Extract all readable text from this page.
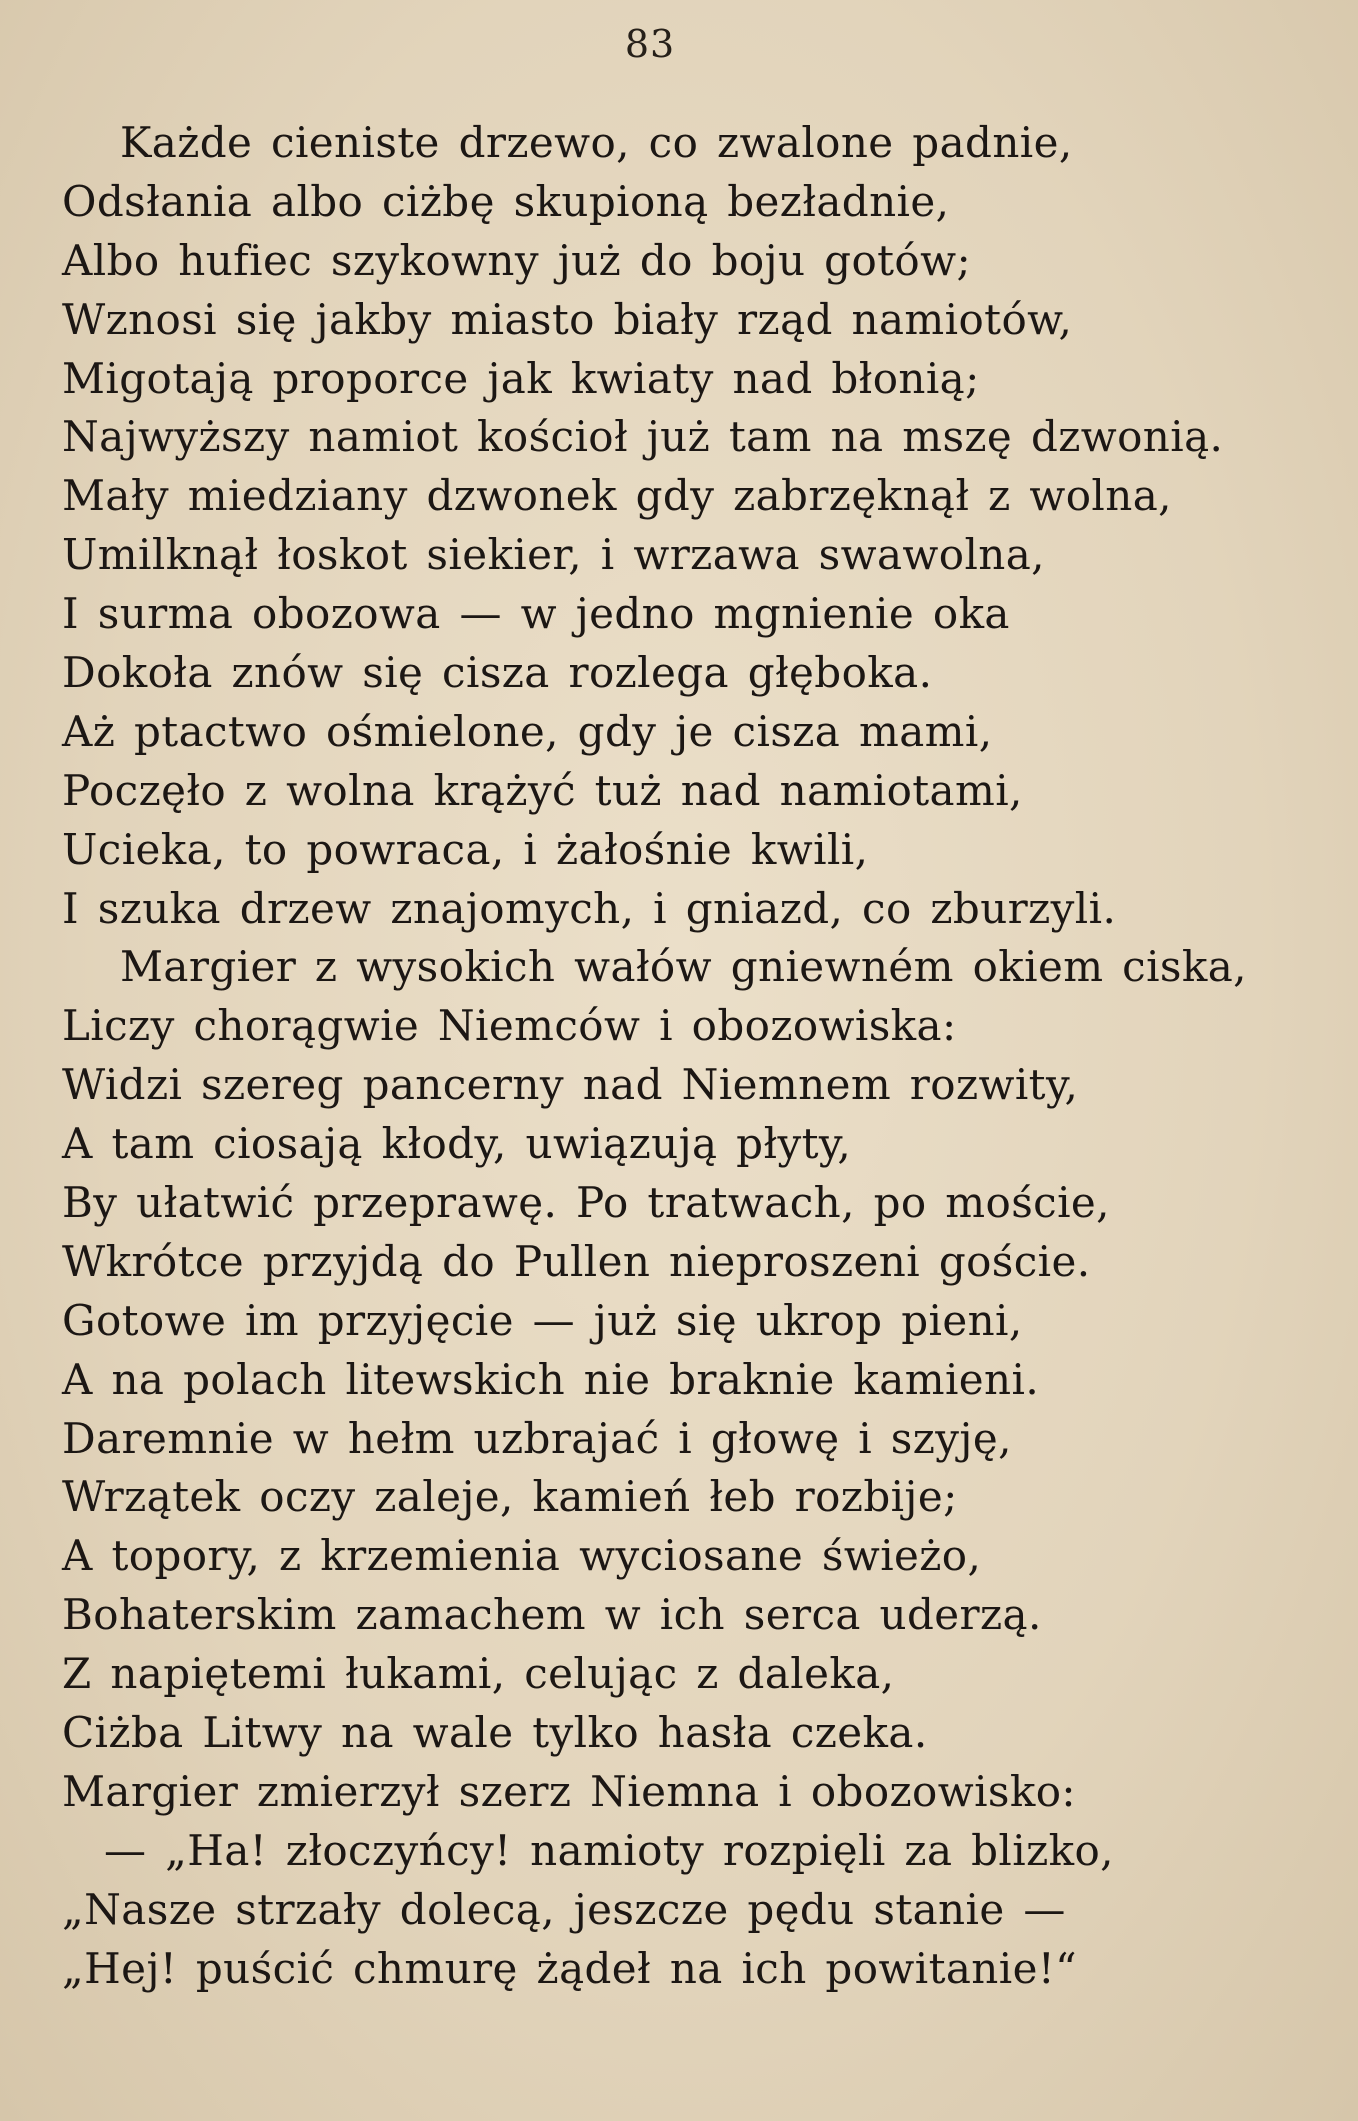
83
Każde cieniste drzewo, co zwalone padnie,
Odsłania albo ciżbę skupioną bezładnie,
Albo hufiec szykowny już do boju gotów;
Wznosi się jakby miasto biały rząd namiotów,
Migotają proporce jak kwiaty nad błonią;
Najwyższy namiot kościoł już tam na mszę dzwonią.
Mały miedziany dzwonek gdy zabrzęknął z wolna,
Umilknął łoskot siekier, i wrzawa swawolna,
I surma obozowa — w jedno mgnienie oka
Dokoła znów się cisza rozlega głęboka.
Aż ptactwo ośmielone, gdy je cisza mami,
Poczęło z wolna krążyć tuż nad namiotami,
Ucieka, to powraca, i żałośnie kwili,
I szuka drzew znajomych, i gniazd, co zburzyli.
Margier z wysokich wałów gniewném okiem ciska,
Liczy chorągwie Niemców i obozowiska:
Widzi szereg pancerny nad Niemnem rozwity,
A tam ciosają kłody, uwiązują płyty,
By ułatwić przeprawę. Po tratwach, po moście,
Wkrótce przyjdą do Pullen nieproszeni goście.
Gotowe im przyjęcie — już się ukrop pieni,
A na polach litewskich nie braknie kamieni.
Daremnie w hełm uzbrajać i głowę i szyję,
Wrzątek oczy zaleje, kamień łeb rozbije;
A topory, z krzemienia wyciosane świeżo,
Bohaterskim zamachem w ich serca uderzą.
Z napiętemi łukami, celując z daleka,
Ciżba Litwy na wale tylko hasła czeka.
Margier zmierzył szerz Niemna i obozowisko:
— „Ha! złoczyńcy! namioty rozpięli za blizko,
„Nasze strzały dolecą, jeszcze pędu stanie —
„Hej! puścić chmurę żądeł na ich powitanie!“
